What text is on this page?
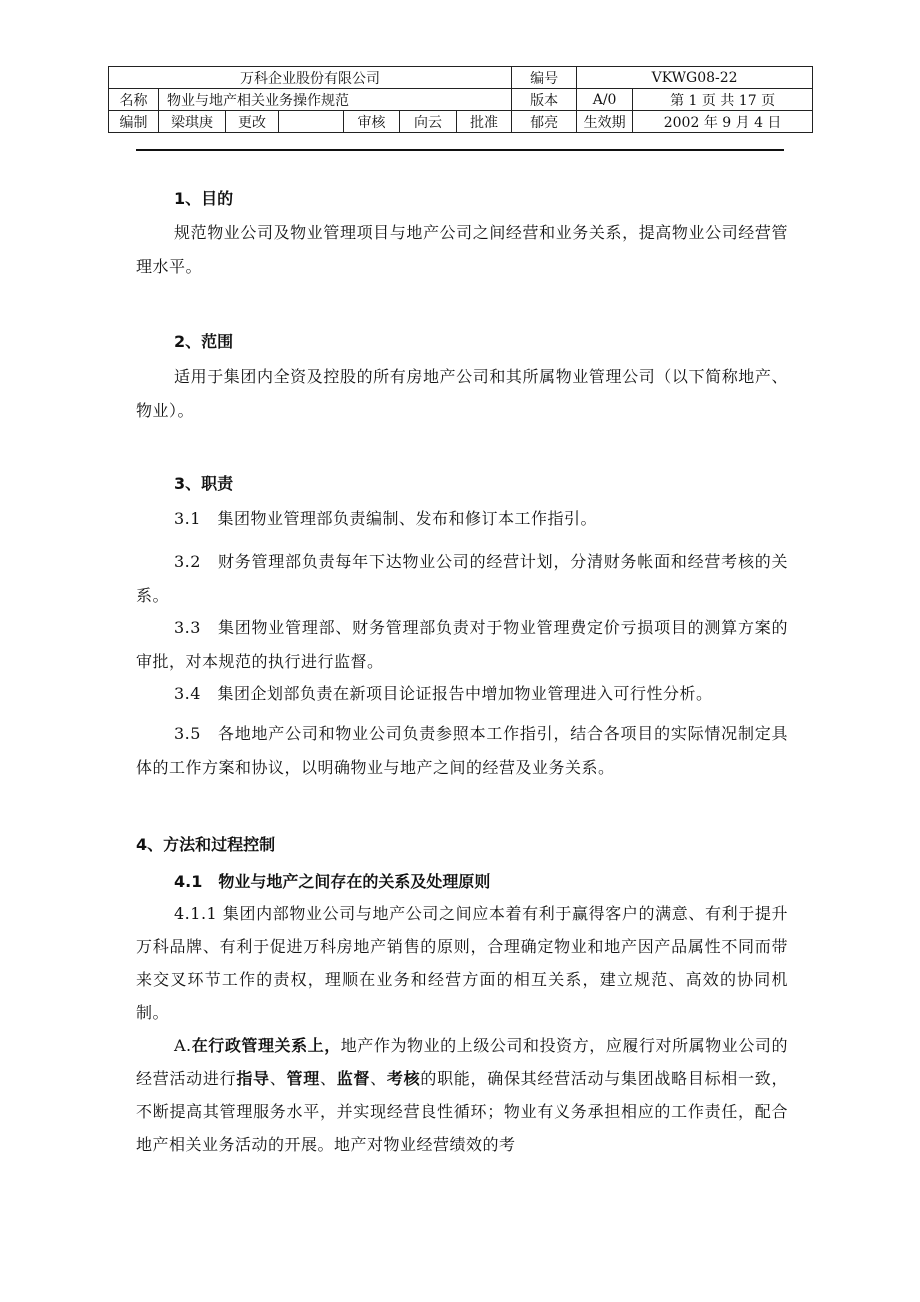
万科企业股份有限公司							编号	VKWG08-22	
名称	物业与地产相关业务操作规范						版本	A/0	第 1 页 共 17 页
编制	梁琪庚	更改		审核	向云	批准	郁亮	生效期	2002 年 9 月 4 日
1、目的
规范物业公司及物业管理项目与地产公司之间经营和业务关系，提高物业公司经营管理水平。
2、范围
适用于集团内全资及控股的所有房地产公司和其所属物业管理公司（以下简称地产、物业）。
3、职责
3.1　集团物业管理部负责编制、发布和修订本工作指引。
3.2　财务管理部负责每年下达物业公司的经营计划，分清财务帐面和经营考核的关系。
3.3　集团物业管理部、财务管理部负责对于物业管理费定价亏损项目的测算方案的审批，对本规范的执行进行监督。
3.4　集团企划部负责在新项目论证报告中增加物业管理进入可行性分析。
3.5　各地地产公司和物业公司负责参照本工作指引，结合各项目的实际情况制定具体的工作方案和协议，以明确物业与地产之间的经营及业务关系。
4、方法和过程控制
4.1　物业与地产之间存在的关系及处理原则
4.1.1 集团内部物业公司与地产公司之间应本着有利于赢得客户的满意、有利于提升万科品牌、有利于促进万科房地产销售的原则，合理确定物业和地产因产品属性不同而带来交叉环节工作的责权，理顺在业务和经营方面的相互关系，建立规范、高效的协同机制。
A.在行政管理关系上，地产作为物业的上级公司和投资方，应履行对所属物业公司的经营活动进行指导、管理、监督、考核的职能，确保其经营活动与集团战略目标相一致，不断提高其管理服务水平，并实现经营良性循环；物业有义务承担相应的工作责任，配合地产相关业务活动的开展。地产对物业经营绩效的考
